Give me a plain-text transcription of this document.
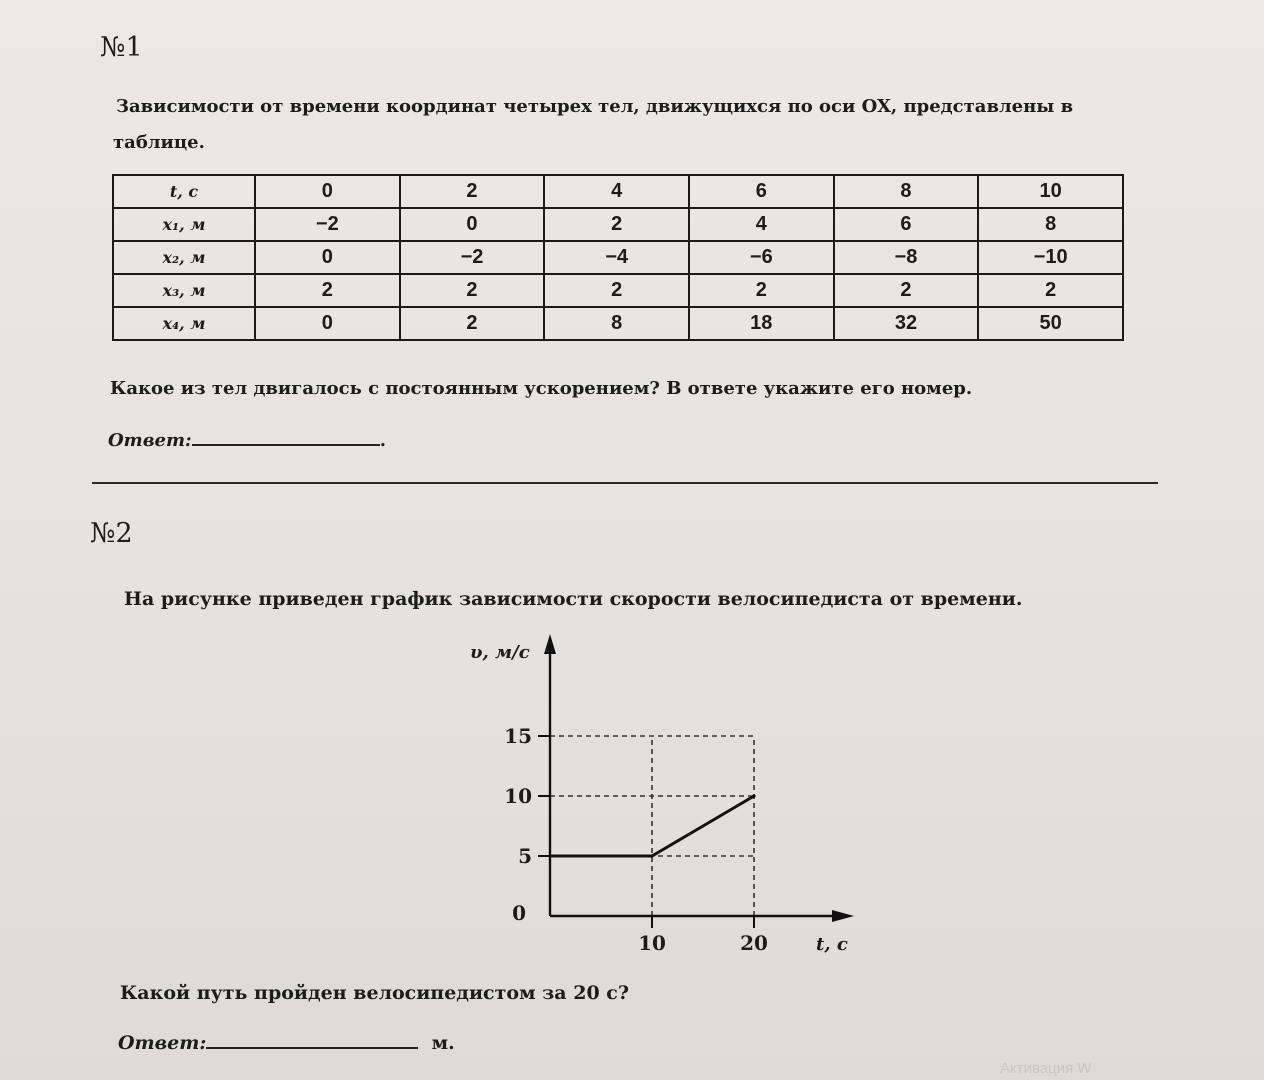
№1
Зависимости от времени координат четырех тел, движущихся по оси OX, представлены в
таблице.
t, c	0	2	4	6	8	10
x₁, м	−2	0	2	4	6	8
x₂, м	0	−2	−4	−6	−8	−10
x₃, м	2	2	2	2	2	2
x₄, м	0	2	8	18	32	50
Какое из тел двигалось с постоянным ускорением? В ответе укажите его номер.
Ответ:	.
№2
На рисунке приведен график зависимости скорости велосипедиста от времени.
15
10
5
0
10	20
υ, м/с
t, c
Какой путь пройден велосипедистом за 20 с?
Ответ:	м.
Активация W
